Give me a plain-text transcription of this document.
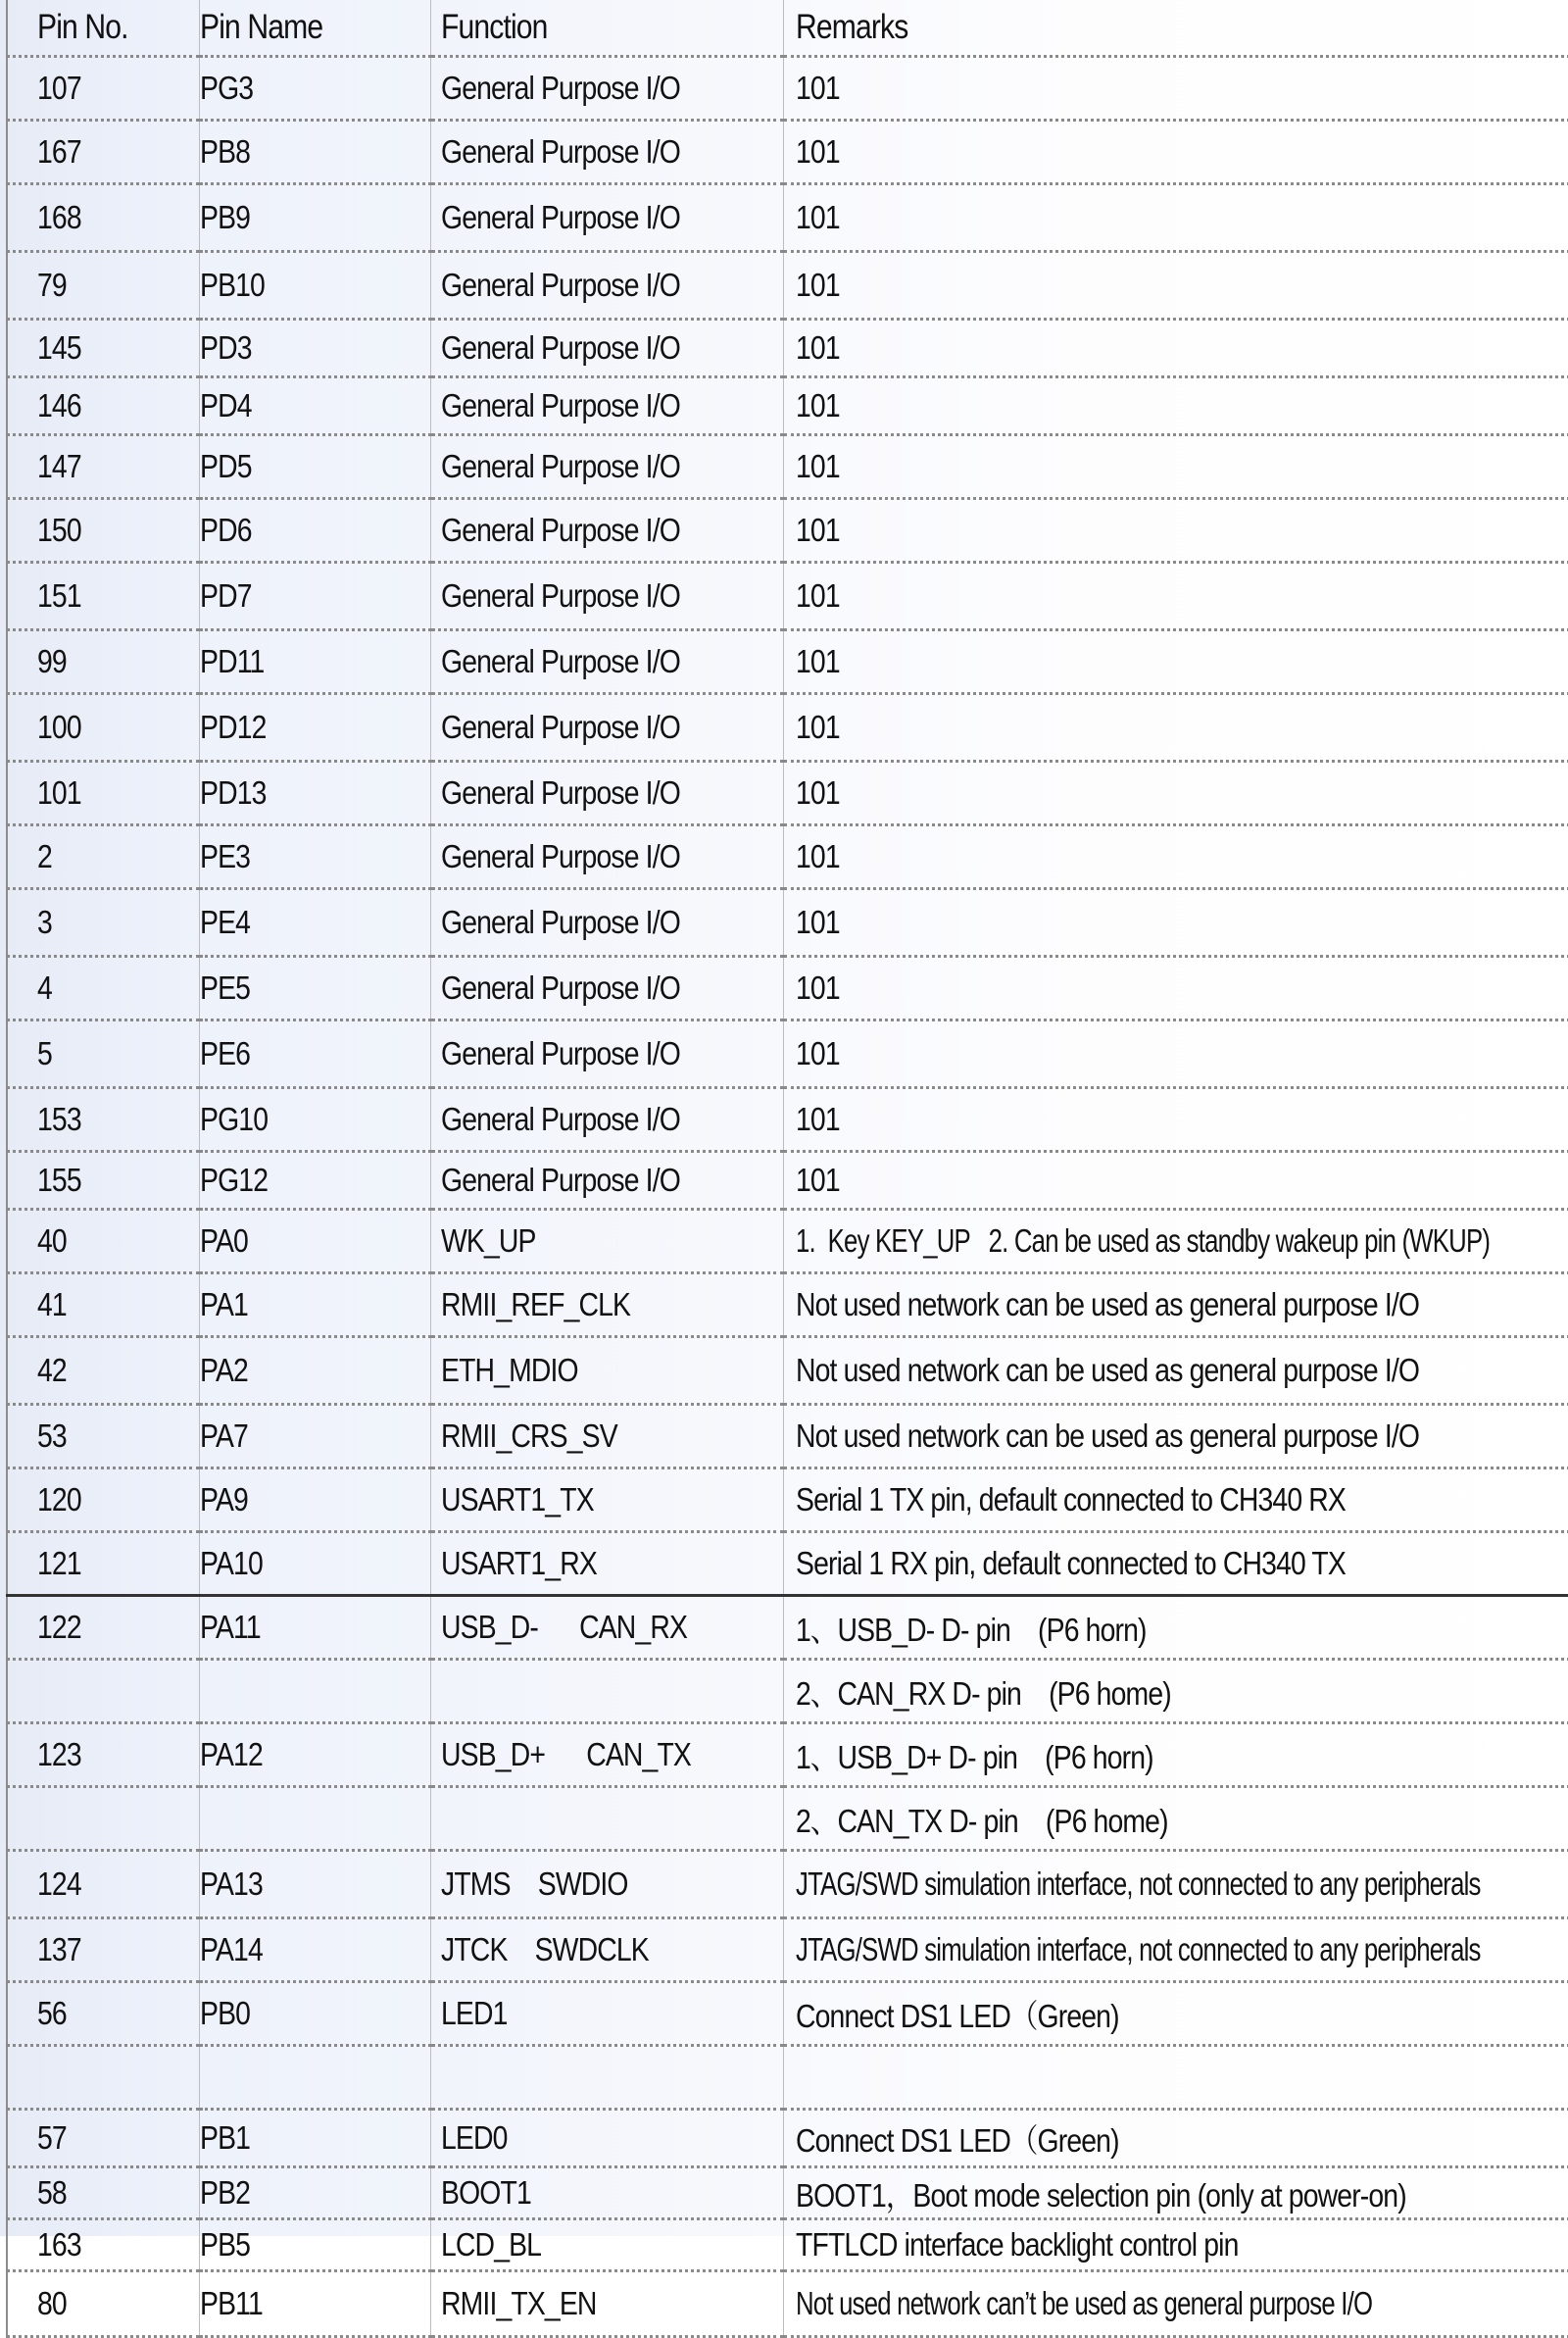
Pin No.	Pin Name	Function	Remarks
107	PG3	General Purpose I/O	101
167	PB8	General Purpose I/O	101
168	PB9	General Purpose I/O	101
79	PB10	General Purpose I/O	101
145	PD3	General Purpose I/O	101
146	PD4	General Purpose I/O	101
147	PD5	General Purpose I/O	101
150	PD6	General Purpose I/O	101
151	PD7	General Purpose I/O	101
99	PD11	General Purpose I/O	101
100	PD12	General Purpose I/O	101
101	PD13	General Purpose I/O	101
2	PE3	General Purpose I/O	101
3	PE4	General Purpose I/O	101
4	PE5	General Purpose I/O	101
5	PE6	General Purpose I/O	101
153	PG10	General Purpose I/O	101
155	PG12	General Purpose I/O	101
40	PA0	WK_UP	1.  Key KEY_UP   2. Can be used as standby wakeup pin (WKUP)
41	PA1	RMII_REF_CLK	Not used network can be used as general purpose I/O
42	PA2	ETH_MDIO	Not used network can be used as general purpose I/O
53	PA7	RMII_CRS_SV	Not used network can be used as general purpose I/O
120	PA9	USART1_TX	Serial 1 TX pin, default connected to CH340 RX
121	PA10	USART1_RX	Serial 1 RX pin, default connected to CH340 TX
122	PA11	USB_D-      CAN_RX	1、USB_D- D- pin    (P6 horn)
			2、CAN_RX D- pin    (P6 home)
123	PA12	USB_D+      CAN_TX	1、USB_D+ D- pin    (P6 horn)
			2、CAN_TX D- pin    (P6 home)
124	PA13	JTMS    SWDIO	JTAG/SWD simulation interface, not connected to any peripherals
137	PA14	JTCK    SWDCLK	JTAG/SWD simulation interface, not connected to any peripherals
56	PB0	LED1	Connect DS1 LED（Green)

57	PB1	LED0	Connect DS1 LED（Green)
58	PB2	BOOT1	BOOT1，Boot mode selection pin (only at power-on)
163	PB5	LCD_BL	TFTLCD interface backlight control pin
80	PB11	RMII_TX_EN	Not used network can’t be used as general purpose I/O
